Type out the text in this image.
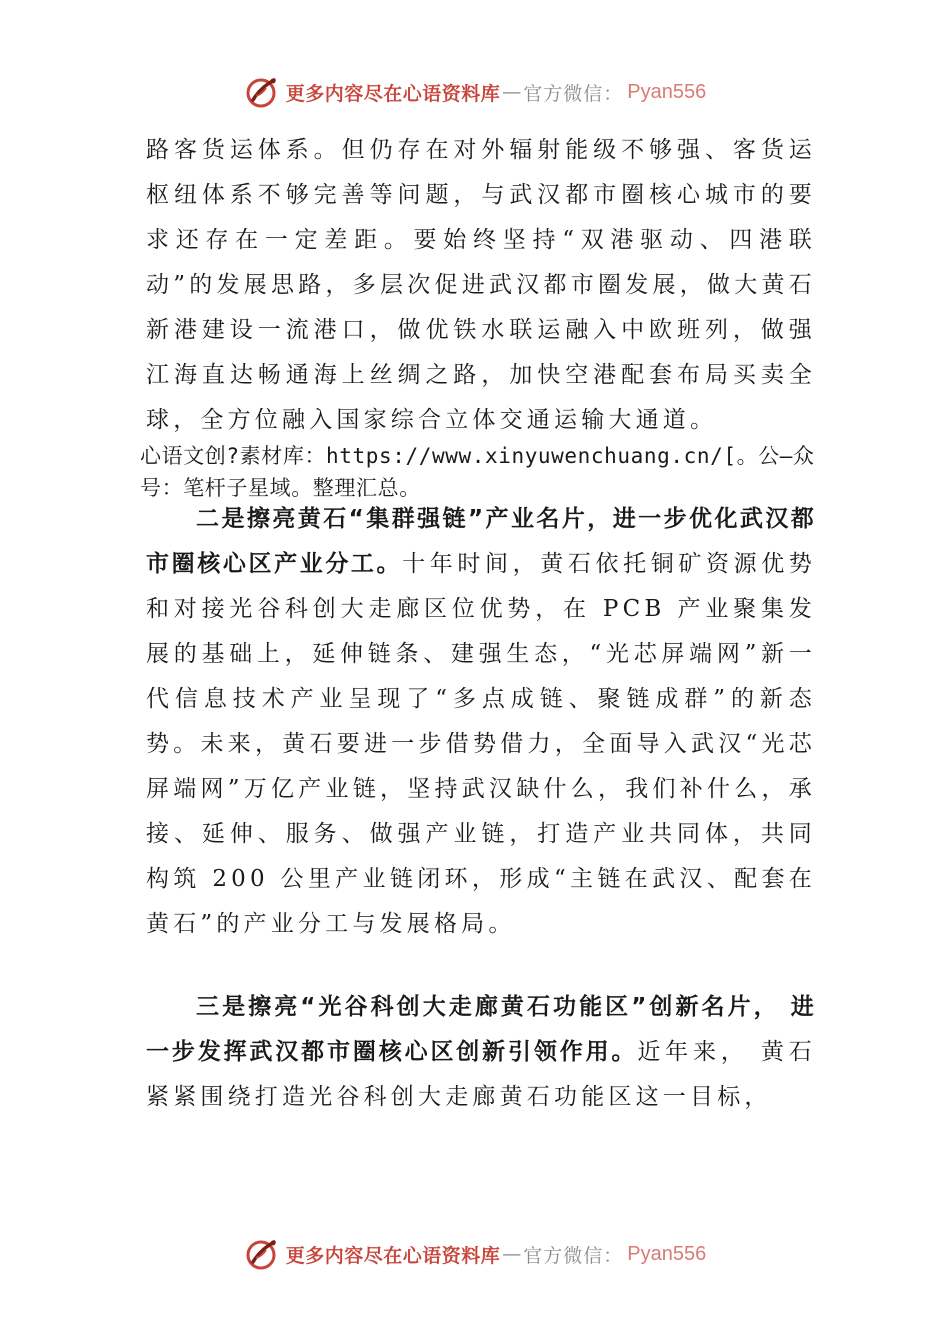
更多内容尽在心语资料库 — 官方微信： Pyan556

路客货运体系。但仍存在对外辐射能级不够强、客货运枢纽体系不够完善等问题，与武汉都市圈核心城市的要求还存在一定差距。要始终坚持“双港驱动、四港联动”的发展思路，多层次促进武汉都市圈发展，做大黄石新港建设一流港口，做优铁水联运融入中欧班列，做强江海直达畅通海上丝绸之路，加快空港配套布局买卖全球，全方位融入国家综合立体交通运输大通道。

心语文创?素材库：https://www.xinyuwenchuang.cn/[。公—众号：笔杆子星域。整理汇总。

二是擦亮黄石“集群强链”产业名片，进一步优化武汉都市圈核心区产业分工。十年时间，黄石依托铜矿资源优势和对接光谷科创大走廊区位优势，在 PCB 产业聚集发展的基础上，延伸链条、建强生态，“光芯屏端网”新一代信息技术产业呈现了“多点成链、聚链成群”的新态势。未来，黄石要进一步借势借力，全面导入武汉“光芯屏端网”万亿产业链，坚持武汉缺什么，我们补什么，承接、延伸、服务、做强产业链，打造产业共同体，共同构筑 200 公里产业链闭环，形成“主链在武汉、配套在黄石”的产业分工与发展格局。

三是擦亮“光谷科创大走廊黄石功能区”创新名片， 进一步发挥武汉都市圈核心区创新引领作用。近年来， 黄石紧紧围绕打造光谷科创大走廊黄石功能区这一目标，

更多内容尽在心语资料库 — 官方微信： Pyan556
